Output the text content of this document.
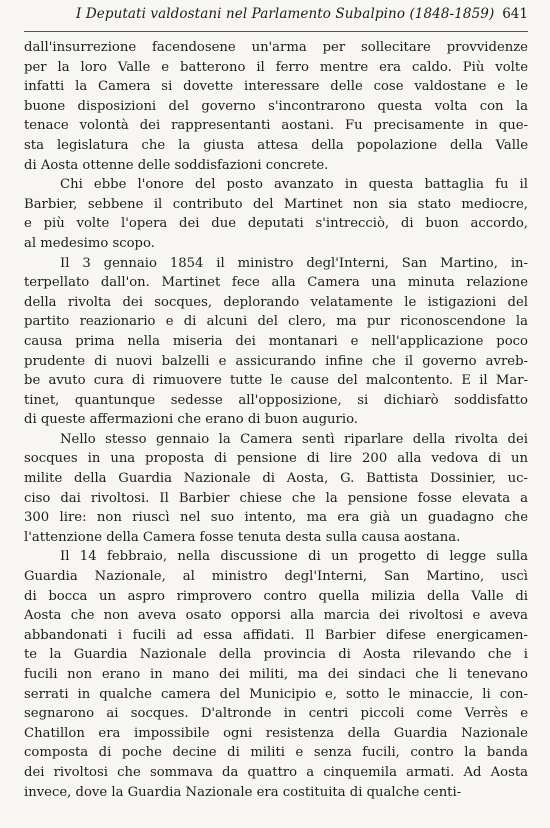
I Deputati valdostani nel Parlamento Subalpino (1848-1859) 641
dall'insurrezione facendosene un'arma per sollecitare provvidenze
per la loro Valle e batterono il ferro mentre era caldo. Più volte
infatti la Camera si dovette interessare delle cose valdostane e le
buone disposizioni del governo s'incontrarono questa volta con la
tenace volontà dei rappresentanti aostani. Fu precisamente in que-
sta legislatura che la giusta attesa della popolazione della Valle
di Aosta ottenne delle soddisfazioni concrete.
Chi ebbe l'onore del posto avanzato in questa battaglia fu il
Barbier, sebbene il contributo del Martinet non sia stato mediocre,
e più volte l'opera dei due deputati s'intrecciò, di buon accordo,
al medesimo scopo.
Il 3 gennaio 1854 il ministro degl'Interni, San Martino, in-
terpellato dall'on. Martinet fece alla Camera una minuta relazione
della rivolta dei socques, deplorando velatamente le istigazioni del
partito reazionario e di alcuni del clero, ma pur riconoscendone la
causa prima nella miseria dei montanari e nell'applicazione poco
prudente di nuovi balzelli e assicurando infine che il governo avreb-
be avuto cura di rimuovere tutte le cause del malcontento. E il Mar-
tinet, quantunque sedesse all'opposizione, si dichiarò soddisfatto
di queste affermazioni che erano di buon augurio.
Nello stesso gennaio la Camera sentì riparlare della rivolta dei
socques in una proposta di pensione di lire 200 alla vedova di un
milite della Guardia Nazionale di Aosta, G. Battista Dossinier, uc-
ciso dai rivoltosi. Il Barbier chiese che la pensione fosse elevata a
300 lire: non riuscì nel suo intento, ma era già un guadagno che
l'attenzione della Camera fosse tenuta desta sulla causa aostana.
Il 14 febbraio, nella discussione di un progetto di legge sulla
Guardia Nazionale, al ministro degl'Interni, San Martino, uscì
di bocca un aspro rimprovero contro quella milizia della Valle di
Aosta che non aveva osato opporsi alla marcia dei rivoltosi e aveva
abbandonati i fucili ad essa affidati. Il Barbier difese energicamen-
te la Guardia Nazionale della provincia di Aosta rilevando che i
fucili non erano in mano dei militi, ma dei sindaci che li tenevano
serrati in qualche camera del Municipio e, sotto le minaccie, li con-
segnarono ai socques. D'altronde in centri piccoli come Verrès e
Chatillon era impossibile ogni resistenza della Guardia Nazionale
composta di poche decine di militi e senza fucili, contro la banda
dei rivoltosi che sommava da quattro a cinquemila armati. Ad Aosta
invece, dove la Guardia Nazionale era costituita di qualche centi-
